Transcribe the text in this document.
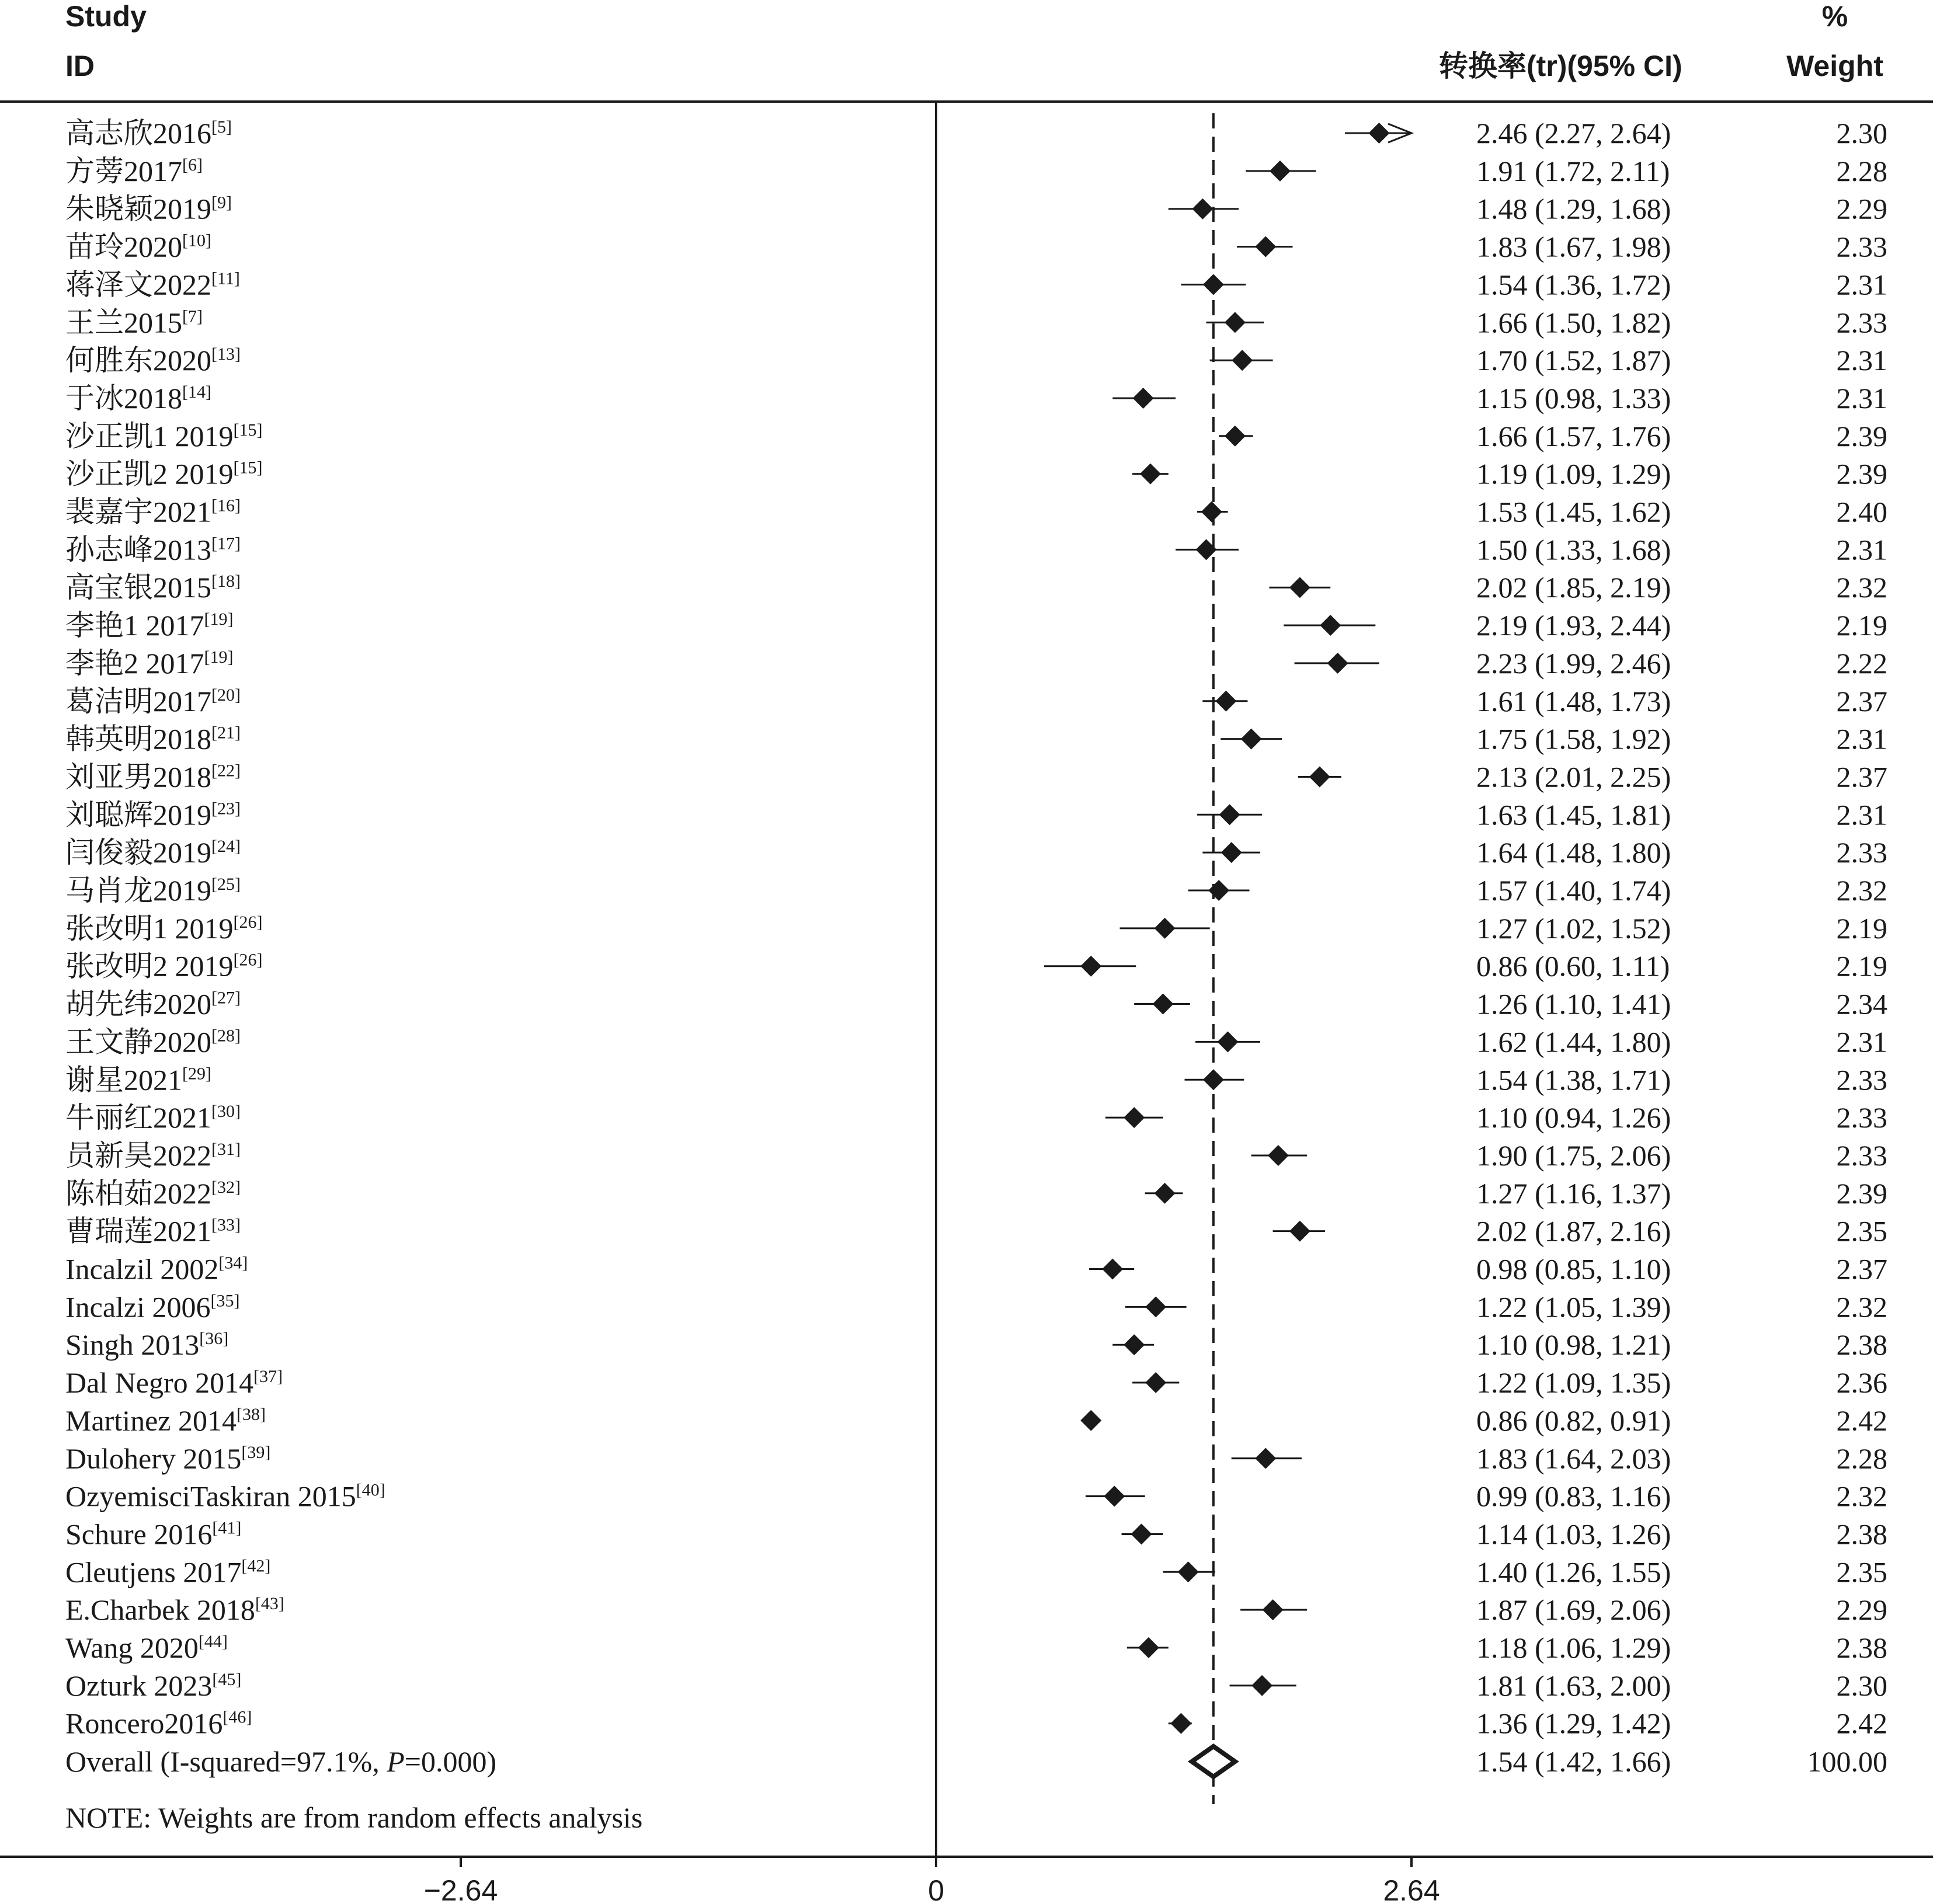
Study
ID	转换率(tr)(95% CI)
%
Weight
−2.64	0	2.64
高志欣2016[5]	2.46 (2.27, 2.64)	2.30
方蒡2017[6]	1.91 (1.72, 2.11)	2.28
朱晓颖2019[9]	1.48 (1.29, 1.68)	2.29
苗玲2020[10]	1.83 (1.67, 1.98)	2.33
蒋泽文2022[11]	1.54 (1.36, 1.72)	2.31
王兰2015[7]	1.66 (1.50, 1.82)	2.33
何胜东2020[13]	1.70 (1.52, 1.87)	2.31
于冰2018[14]	1.15 (0.98, 1.33)	2.31
沙正凯1 2019[15]	1.66 (1.57, 1.76)	2.39
沙正凯2 2019[15]	1.19 (1.09, 1.29)	2.39
裴嘉宇2021[16]	1.53 (1.45, 1.62)	2.40
孙志峰2013[17]	1.50 (1.33, 1.68)	2.31
高宝银2015[18]	2.02 (1.85, 2.19)	2.32
李艳1 2017[19]	2.19 (1.93, 2.44)	2.19
李艳2 2017[19]	2.23 (1.99, 2.46)	2.22
葛洁明2017[20]	1.61 (1.48, 1.73)	2.37
韩英明2018[21]	1.75 (1.58, 1.92)	2.31
刘亚男2018[22]	2.13 (2.01, 2.25)	2.37
刘聪辉2019[23]	1.63 (1.45, 1.81)	2.31
闫俊毅2019[24]	1.64 (1.48, 1.80)	2.33
马肖龙2019[25]	1.57 (1.40, 1.74)	2.32
张改明1 2019[26]	1.27 (1.02, 1.52)	2.19
张改明2 2019[26]	0.86 (0.60, 1.11)	2.19
胡先纬2020[27]	1.26 (1.10, 1.41)	2.34
王文静2020[28]	1.62 (1.44, 1.80)	2.31
谢星2021[29]	1.54 (1.38, 1.71)	2.33
牛丽红2021[30]	1.10 (0.94, 1.26)	2.33
员新昊2022[31]	1.90 (1.75, 2.06)	2.33
陈柏茹2022[32]	1.27 (1.16, 1.37)	2.39
曹瑞莲2021[33]	2.02 (1.87, 2.16)	2.35
Incalzil 2002[34]	0.98 (0.85, 1.10)	2.37
Incalzi 2006[35]	1.22 (1.05, 1.39)	2.32
Singh 2013[36]	1.10 (0.98, 1.21)	2.38
Dal Negro 2014[37]	1.22 (1.09, 1.35)	2.36
Martinez 2014[38]	0.86 (0.82, 0.91)	2.42
Dulohery 2015[39]	1.83 (1.64, 2.03)	2.28
OzyemisciTaskiran 2015[40]	0.99 (0.83, 1.16)	2.32
Schure 2016[41]	1.14 (1.03, 1.26)	2.38
Cleutjens 2017[42]	1.40 (1.26, 1.55)	2.35
E.Charbek 2018[43]	1.87 (1.69, 2.06)	2.29
Wang 2020[44]	1.18 (1.06, 1.29)	2.38
Ozturk 2023[45]	1.81 (1.63, 2.00)	2.30
Roncero2016[46]	1.36 (1.29, 1.42)	2.42
Overall (I-squared=97.1%, P=0.000)	1.54 (1.42, 1.66)	100.00
NOTE: Weights are from random effects analysis
